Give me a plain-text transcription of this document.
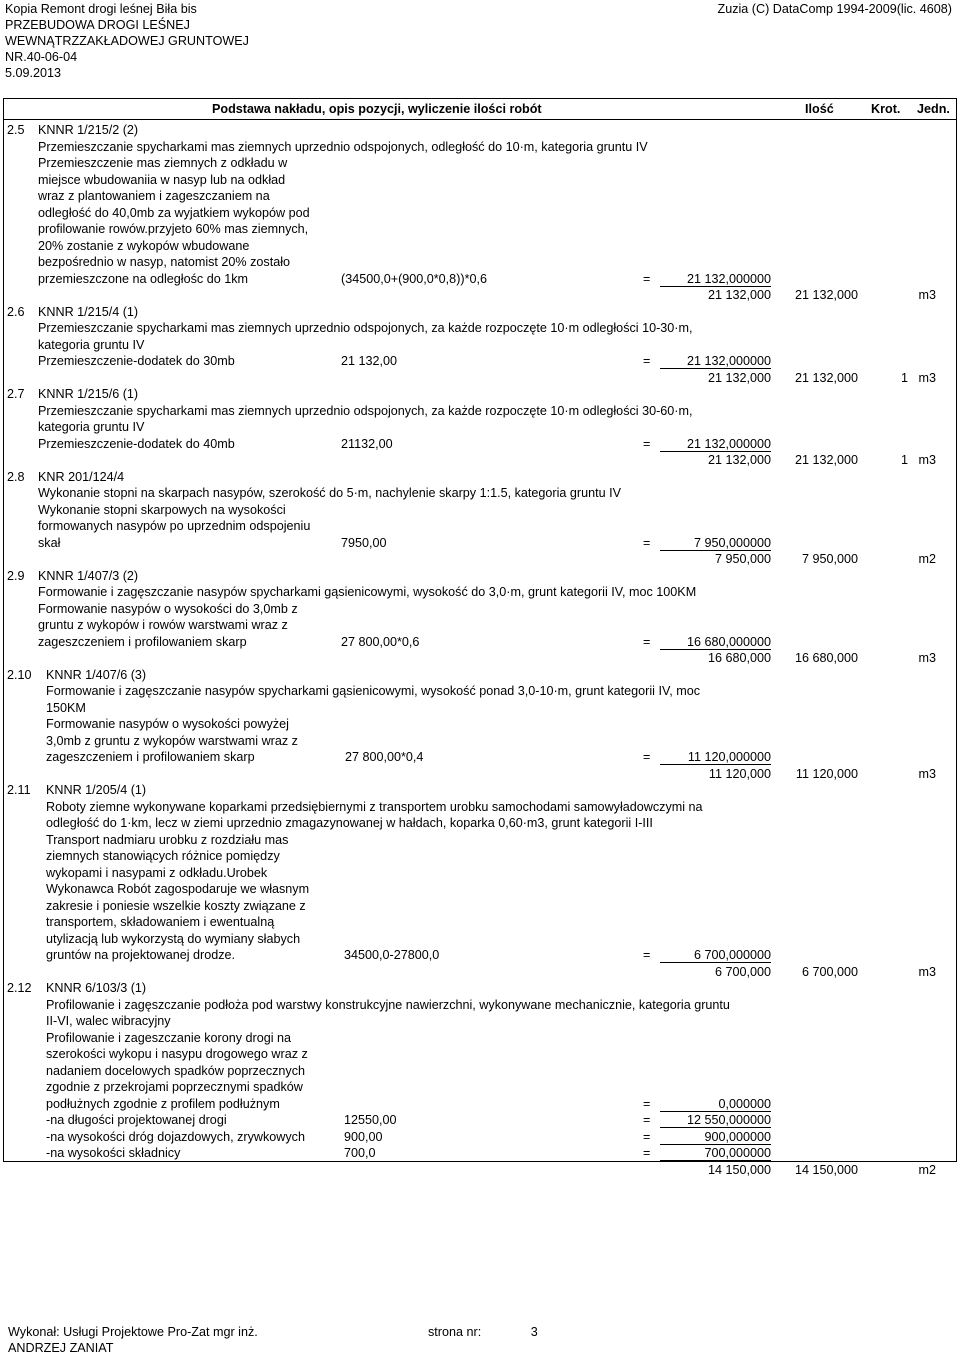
Kopia Remont drogi leśnej Biła bis
PRZEBUDOWA DROGI LEŚNEJ
WEWNĄTRZZAKŁADOWEJ GRUNTOWEJ
NR.40-06-04
5.09.2013
Zuzia (C) DataComp 1994-2009(lic. 4608)
Podstawa nakładu, opis pozycji, wyliczenie ilości robót	Ilość	Krot. Jedn.
2.5 KNNR 1/215/2 (2)
Przemieszczanie spycharkami mas ziemnych uprzednio odspojonych, odległość do 10·m, kategoria gruntu IV
Przemieszczenie mas ziemnych z odkładu w
miejsce wbudowaniia w nasyp lub na odkład
wraz z plantowaniem i zageszczaniem na
odległość do 40,0mb za wyjatkiem wykopów pod
profilowanie rowów.przyjeto 60% mas ziemnych,
20% zostanie z wykopów wbudowane
bezpośrednio w nasyp, natomist 20% zostało
przemieszczone na odległośc do 1km	(34500,0+(900,0*0,8))*0,6	=	21 132,000000
21 132,000 21 132,000	m3
2.6 KNNR 1/215/4 (1)
Przemieszczanie spycharkami mas ziemnych uprzednio odspojonych, za każde rozpoczęte 10·m odległości 10-30·m,
kategoria gruntu IV
Przemieszczenie-dodatek do 30mb	21 132,00	=	21 132,000000
21 132,000 21 132,000	1 m3
2.7 KNNR 1/215/6 (1)
Przemieszczanie spycharkami mas ziemnych uprzednio odspojonych, za każde rozpoczęte 10·m odległości 30-60·m,
kategoria gruntu IV
Przemieszczenie-dodatek do 40mb	21132,00	=	21 132,000000
21 132,000 21 132,000	1 m3
2.8 KNR 201/124/4
Wykonanie stopni na skarpach nasypów, szerokość do 5·m, nachylenie skarpy 1:1.5, kategoria gruntu IV
Wykonanie stopni skarpowych na wysokości
formowanych nasypów po uprzednim odspojeniu
skał	7950,00	=	7 950,000000
7 950,000 7 950,000	m2
2.9 KNNR 1/407/3 (2)
Formowanie i zagęszczanie nasypów spycharkami gąsienicowymi, wysokość do 3,0·m, grunt kategorii IV, moc 100KM
Formowanie nasypów o wysokości do 3,0mb z
gruntu z wykopów i rowów warstwami wraz z
zageszczeniem i profilowaniem skarp	27 800,00*0,6	=	16 680,000000
16 680,000 16 680,000	m3
2.10 KNNR 1/407/6 (3)
Formowanie i zagęszczanie nasypów spycharkami gąsienicowymi, wysokość ponad 3,0-10·m, grunt kategorii IV, moc
150KM
Formowanie nasypów o wysokości powyżej
3,0mb z gruntu z wykopów warstwami wraz z
zageszczeniem i profilowaniem skarp	27 800,00*0,4	=	11 120,000000
11 120,000 11 120,000	m3
2.11 KNNR 1/205/4 (1)
Roboty ziemne wykonywane koparkami przedsiębiernymi z transportem urobku samochodami samowyładowczymi na
odległość do 1·km, lecz w ziemi uprzednio zmagazynowanej w hałdach, koparka 0,60·m3, grunt kategorii I-III
Transport nadmiaru urobku z rozdziału mas
ziemnych stanowiących różnice pomiędzy
wykopami i nasypami z odkładu.Urobek
Wykonawca Robót zagospodaruje we własnym
zakresie i poniesie wszelkie koszty związane z
transportem, składowaniem i ewentualną
utylizacją lub wykorzystą do wymiany słabych
gruntów na projektowanej drodze.	34500,0-27800,0	=	6 700,000000
6 700,000 6 700,000	m3
2.12 KNNR 6/103/3 (1)
Profilowanie i zagęszczanie podłoża pod warstwy konstrukcyjne nawierzchni, wykonywane mechanicznie, kategoria gruntu
II-VI, walec wibracyjny
Profilowanie i zageszczanie korony drogi na
szerokości wykopu i nasypu drogowego wraz z
nadaniem docelowych spadków poprzecznych
zgodnie z przekrojami poprzecznymi spadków
podłużnych zgodnie z profilem podłużnym	=	0,000000
-na długości projektowanej drogi	12550,00	=	12 550,000000
-na wysokości dróg dojazdowych, zrywkowych	900,00	=	900,000000
-na wysokości składnicy	700,0	=	700,000000
14 150,000 14 150,000	m2
Wykonał: Usługi Projektowe Pro-Zat mgr inż.
ANDRZEJ ZANIAT
strona nr:	3
